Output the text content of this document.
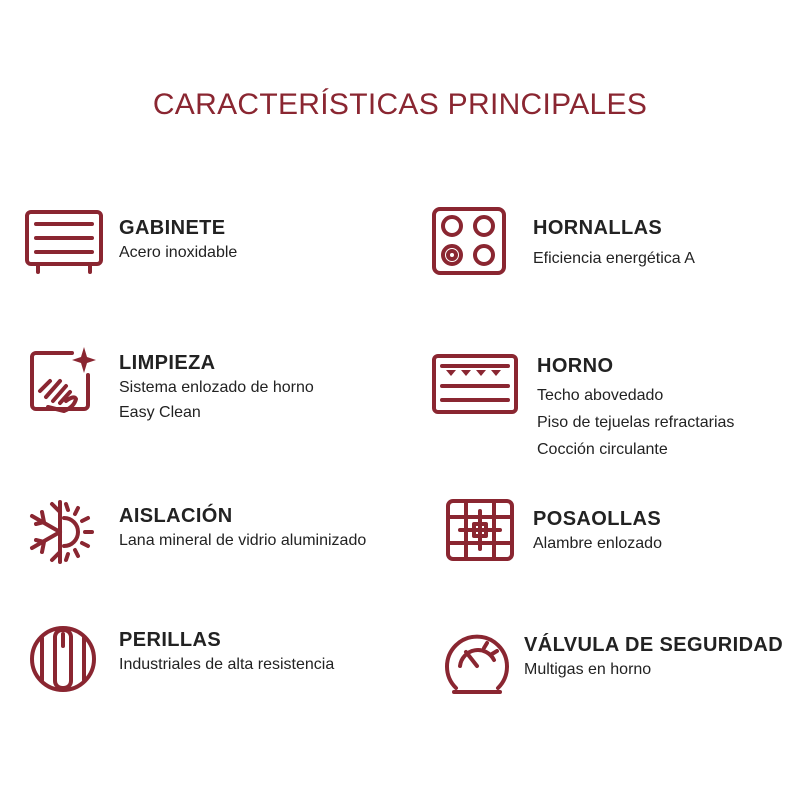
CARACTERÍSTICAS PRINCIPALES
GABINETE
Acero inoxidable
HORNALLAS
Eficiencia energética A
LIMPIEZA
Sistema enlozado de horno
Easy Clean
HORNO
Techo abovedado
Piso de tejuelas refractarias
Cocción circulante
AISLACIÓN
Lana mineral de vidrio aluminizado
POSAOLLAS
Alambre enlozado
PERILLAS
Industriales de alta resistencia
VÁLVULA DE SEGURIDAD
Multigas en horno
